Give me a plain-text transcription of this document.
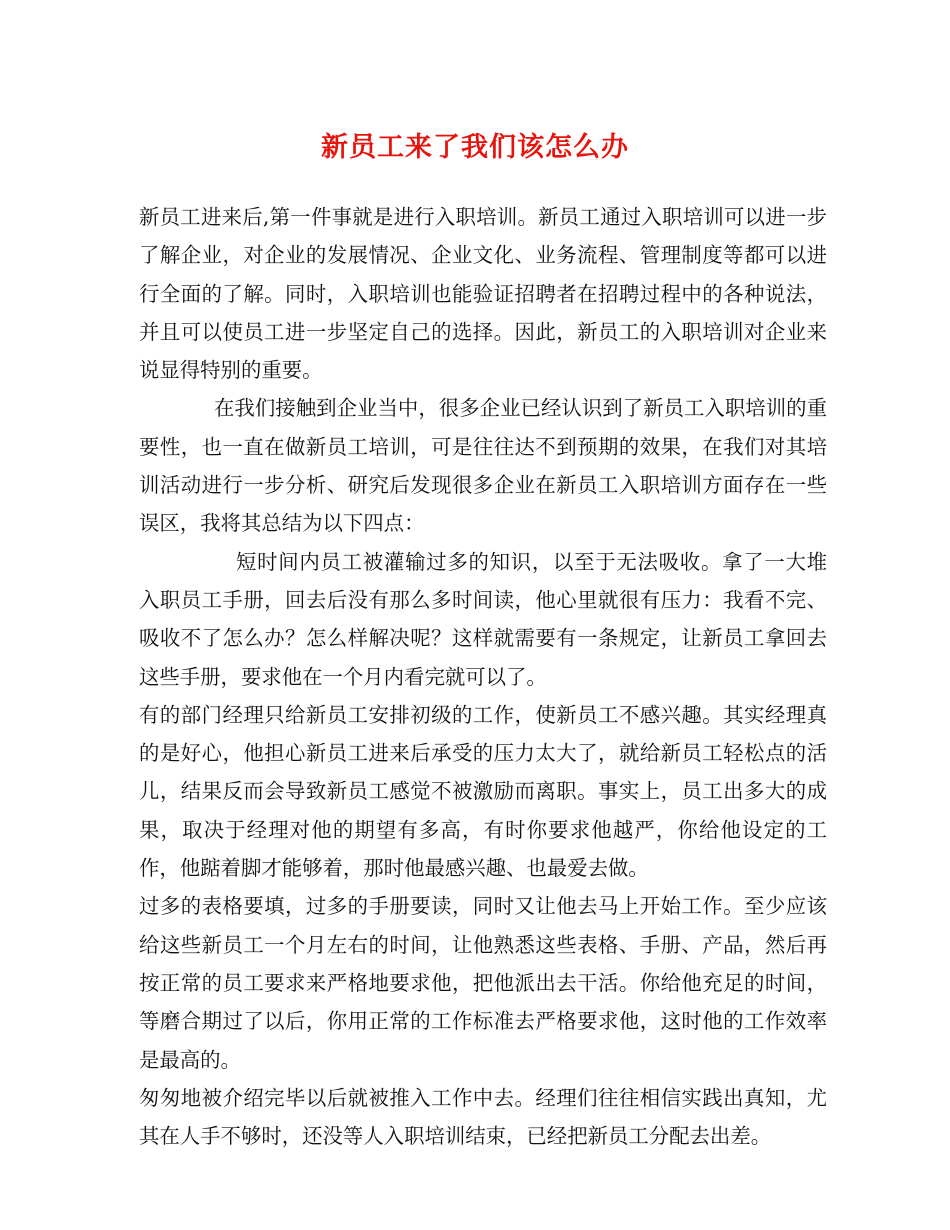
新员工来了我们该怎么办

新员工进来后,第一件事就是进行入职培训。新员工通过入职培训可以进一步了解企业，对企业的发展情况、企业文化、业务流程、管理制度等都可以进行全面的了解。同时，入职培训也能验证招聘者在招聘过程中的各种说法，并且可以使员工进一步坚定自己的选择。因此，新员工的入职培训对企业来说显得特别的重要。

在我们接触到企业当中，很多企业已经认识到了新员工入职培训的重要性，也一直在做新员工培训，可是往往达不到预期的效果，在我们对其培训活动进行一步分析、研究后发现很多企业在新员工入职培训方面存在一些误区，我将其总结为以下四点：

短时间内员工被灌输过多的知识，以至于无法吸收。拿了一大堆入职员工手册，回去后没有那么多时间读，他心里就很有压力：我看不完、吸收不了怎么办？怎么样解决呢？这样就需要有一条规定，让新员工拿回去这些手册，要求他在一个月内看完就可以了。

有的部门经理只给新员工安排初级的工作，使新员工不感兴趣。其实经理真的是好心，他担心新员工进来后承受的压力太大了，就给新员工轻松点的活儿，结果反而会导致新员工感觉不被激励而离职。事实上，员工出多大的成果，取决于经理对他的期望有多高，有时你要求他越严，你给他设定的工作，他踮着脚才能够着，那时他最感兴趣、也最爱去做。

过多的表格要填，过多的手册要读，同时又让他去马上开始工作。至少应该给这些新员工一个月左右的时间，让他熟悉这些表格、手册、产品，然后再按正常的员工要求来严格地要求他，把他派出去干活。你给他充足的时间，等磨合期过了以后，你用正常的工作标准去严格要求他，这时他的工作效率是最高的。

匆匆地被介绍完毕以后就被推入工作中去。经理们往往相信实践出真知，尤其在人手不够时，还没等人入职培训结束，已经把新员工分配去出差。
